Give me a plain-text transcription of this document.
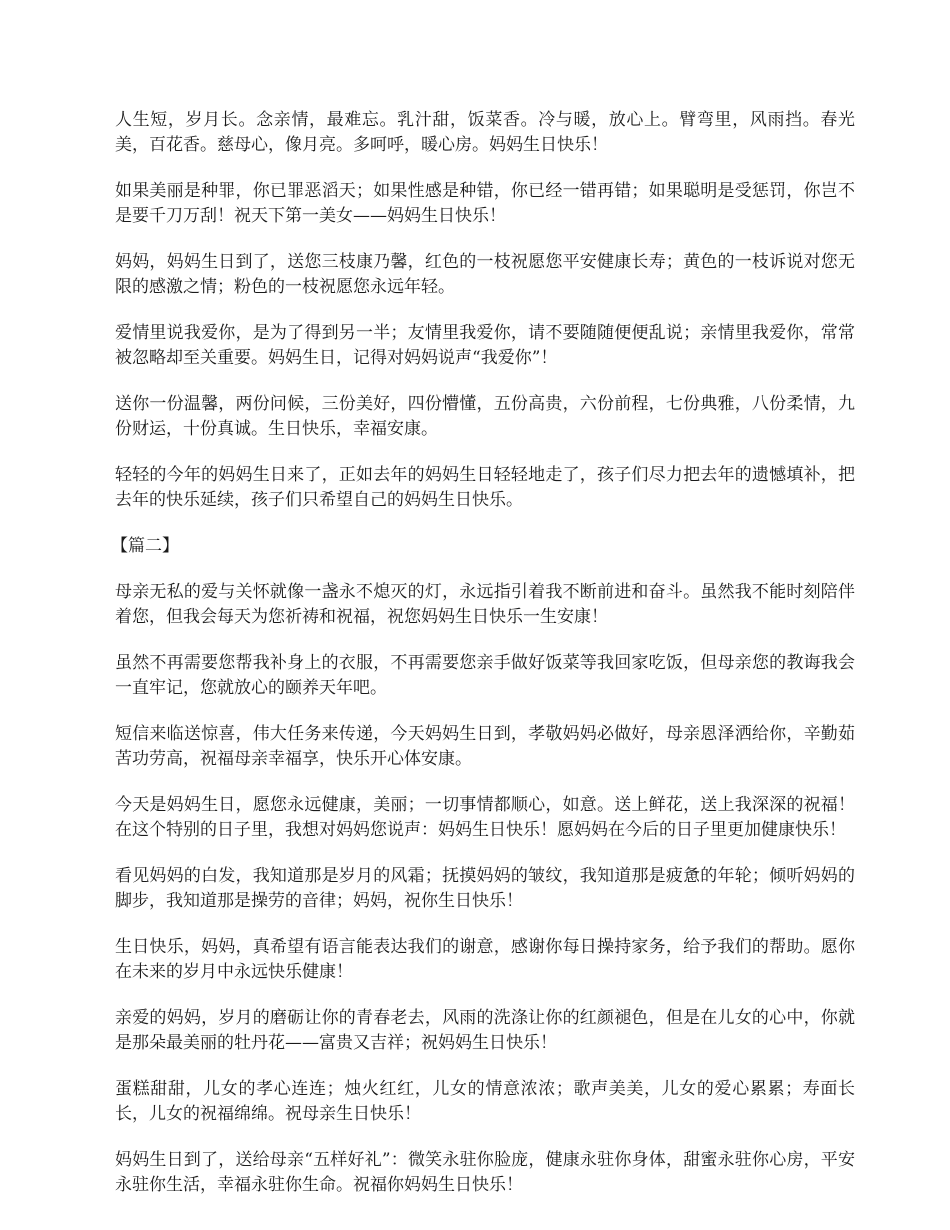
人生短，岁月长。念亲情，最难忘。乳汁甜，饭菜香。冷与暖，放心上。臂弯里，风雨挡。春光美，百花香。慈母心，像月亮。多呵呼，暖心房。妈妈生日快乐！

如果美丽是种罪，你已罪恶滔天；如果性感是种错，你已经一错再错；如果聪明是受惩罚，你岂不是要千刀万刮！祝天下第一美女——妈妈生日快乐！

妈妈，妈妈生日到了，送您三枝康乃馨，红色的一枝祝愿您平安健康长寿；黄色的一枝诉说对您无限的感激之情；粉色的一枝祝愿您永远年轻。

爱情里说我爱你，是为了得到另一半；友情里我爱你，请不要随随便便乱说；亲情里我爱你，常常被忽略却至关重要。妈妈生日，记得对妈妈说声“我爱你”！

送你一份温馨，两份问候，三份美好，四份懵懂，五份高贵，六份前程，七份典雅，八份柔情，九份财运，十份真诚。生日快乐，幸福安康。

轻轻的今年的妈妈生日来了，正如去年的妈妈生日轻轻地走了，孩子们尽力把去年的遗憾填补，把去年的快乐延续，孩子们只希望自己的妈妈生日快乐。

【篇二】

母亲无私的爱与关怀就像一盏永不熄灭的灯，永远指引着我不断前进和奋斗。虽然我不能时刻陪伴着您，但我会每天为您祈祷和祝福，祝您妈妈生日快乐一生安康！

虽然不再需要您帮我补身上的衣服，不再需要您亲手做好饭菜等我回家吃饭，但母亲您的教诲我会一直牢记，您就放心的颐养天年吧。

短信来临送惊喜，伟大任务来传递，今天妈妈生日到，孝敬妈妈必做好，母亲恩泽洒给你，辛勤茹苦功劳高，祝福母亲幸福享，快乐开心体安康。

今天是妈妈生日，愿您永远健康，美丽；一切事情都顺心，如意。送上鲜花，送上我深深的祝福！在这个特别的日子里，我想对妈妈您说声：妈妈生日快乐！愿妈妈在今后的日子里更加健康快乐！

看见妈妈的白发，我知道那是岁月的风霜；抚摸妈妈的皱纹，我知道那是疲惫的年轮；倾听妈妈的脚步，我知道那是操劳的音律；妈妈，祝你生日快乐！

生日快乐，妈妈，真希望有语言能表达我们的谢意，感谢你每日操持家务，给予我们的帮助。愿你在未来的岁月中永远快乐健康！

亲爱的妈妈，岁月的磨砺让你的青春老去，风雨的洗涤让你的红颜褪色，但是在儿女的心中，你就是那朵最美丽的牡丹花——富贵又吉祥；祝妈妈生日快乐！

蛋糕甜甜，儿女的孝心连连；烛火红红，儿女的情意浓浓；歌声美美，儿女的爱心累累；寿面长长，儿女的祝福绵绵。祝母亲生日快乐！

妈妈生日到了，送给母亲“五样好礼”：微笑永驻你脸庞，健康永驻你身体，甜蜜永驻你心房，平安永驻你生活，幸福永驻你生命。祝福你妈妈生日快乐！
